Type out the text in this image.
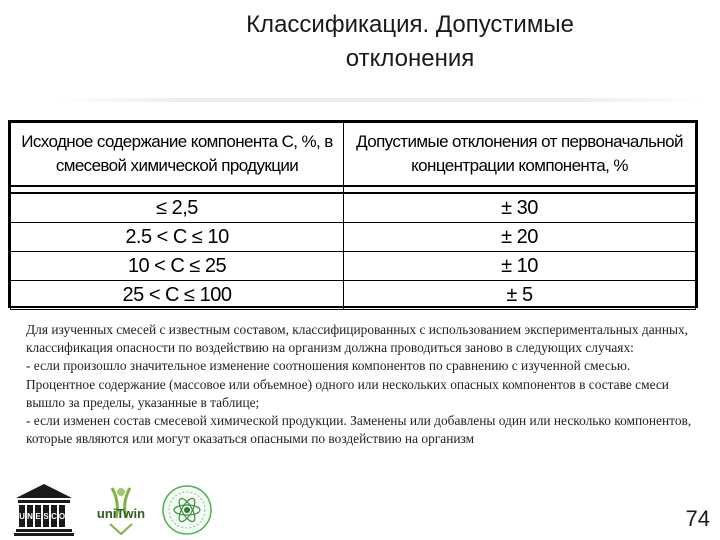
Классификация. Допустимые
отклонения
Исходное содержание компонента C, %, в смесевой химической продукции	Допустимые отклонения от первоначальной концентрации компонента, %

≤ 2,5	± 30
2.5 < C ≤ 10	± 20
10 < C ≤ 25	± 10
25 < C ≤ 100	± 5

Для изученных смесей с известным составом, классифицированных с использованием экспериментальных данных, классификация опасности по воздействию на организм должна проводиться заново в следующих случаях:

- если произошло значительное изменение соотношения компонентов по сравнению с изученной смесью. Процентное содержание (массовое или объемное) одного или нескольких опасных компонентов в составе смеси вышло за пределы, указанные в таблице;

- если изменен состав смесевой химической продукции. Заменены или добавлены один или несколько компонентов, которые являются или могут оказаться опасными по воздействию на организм

U N E S C O uniTwin	74
